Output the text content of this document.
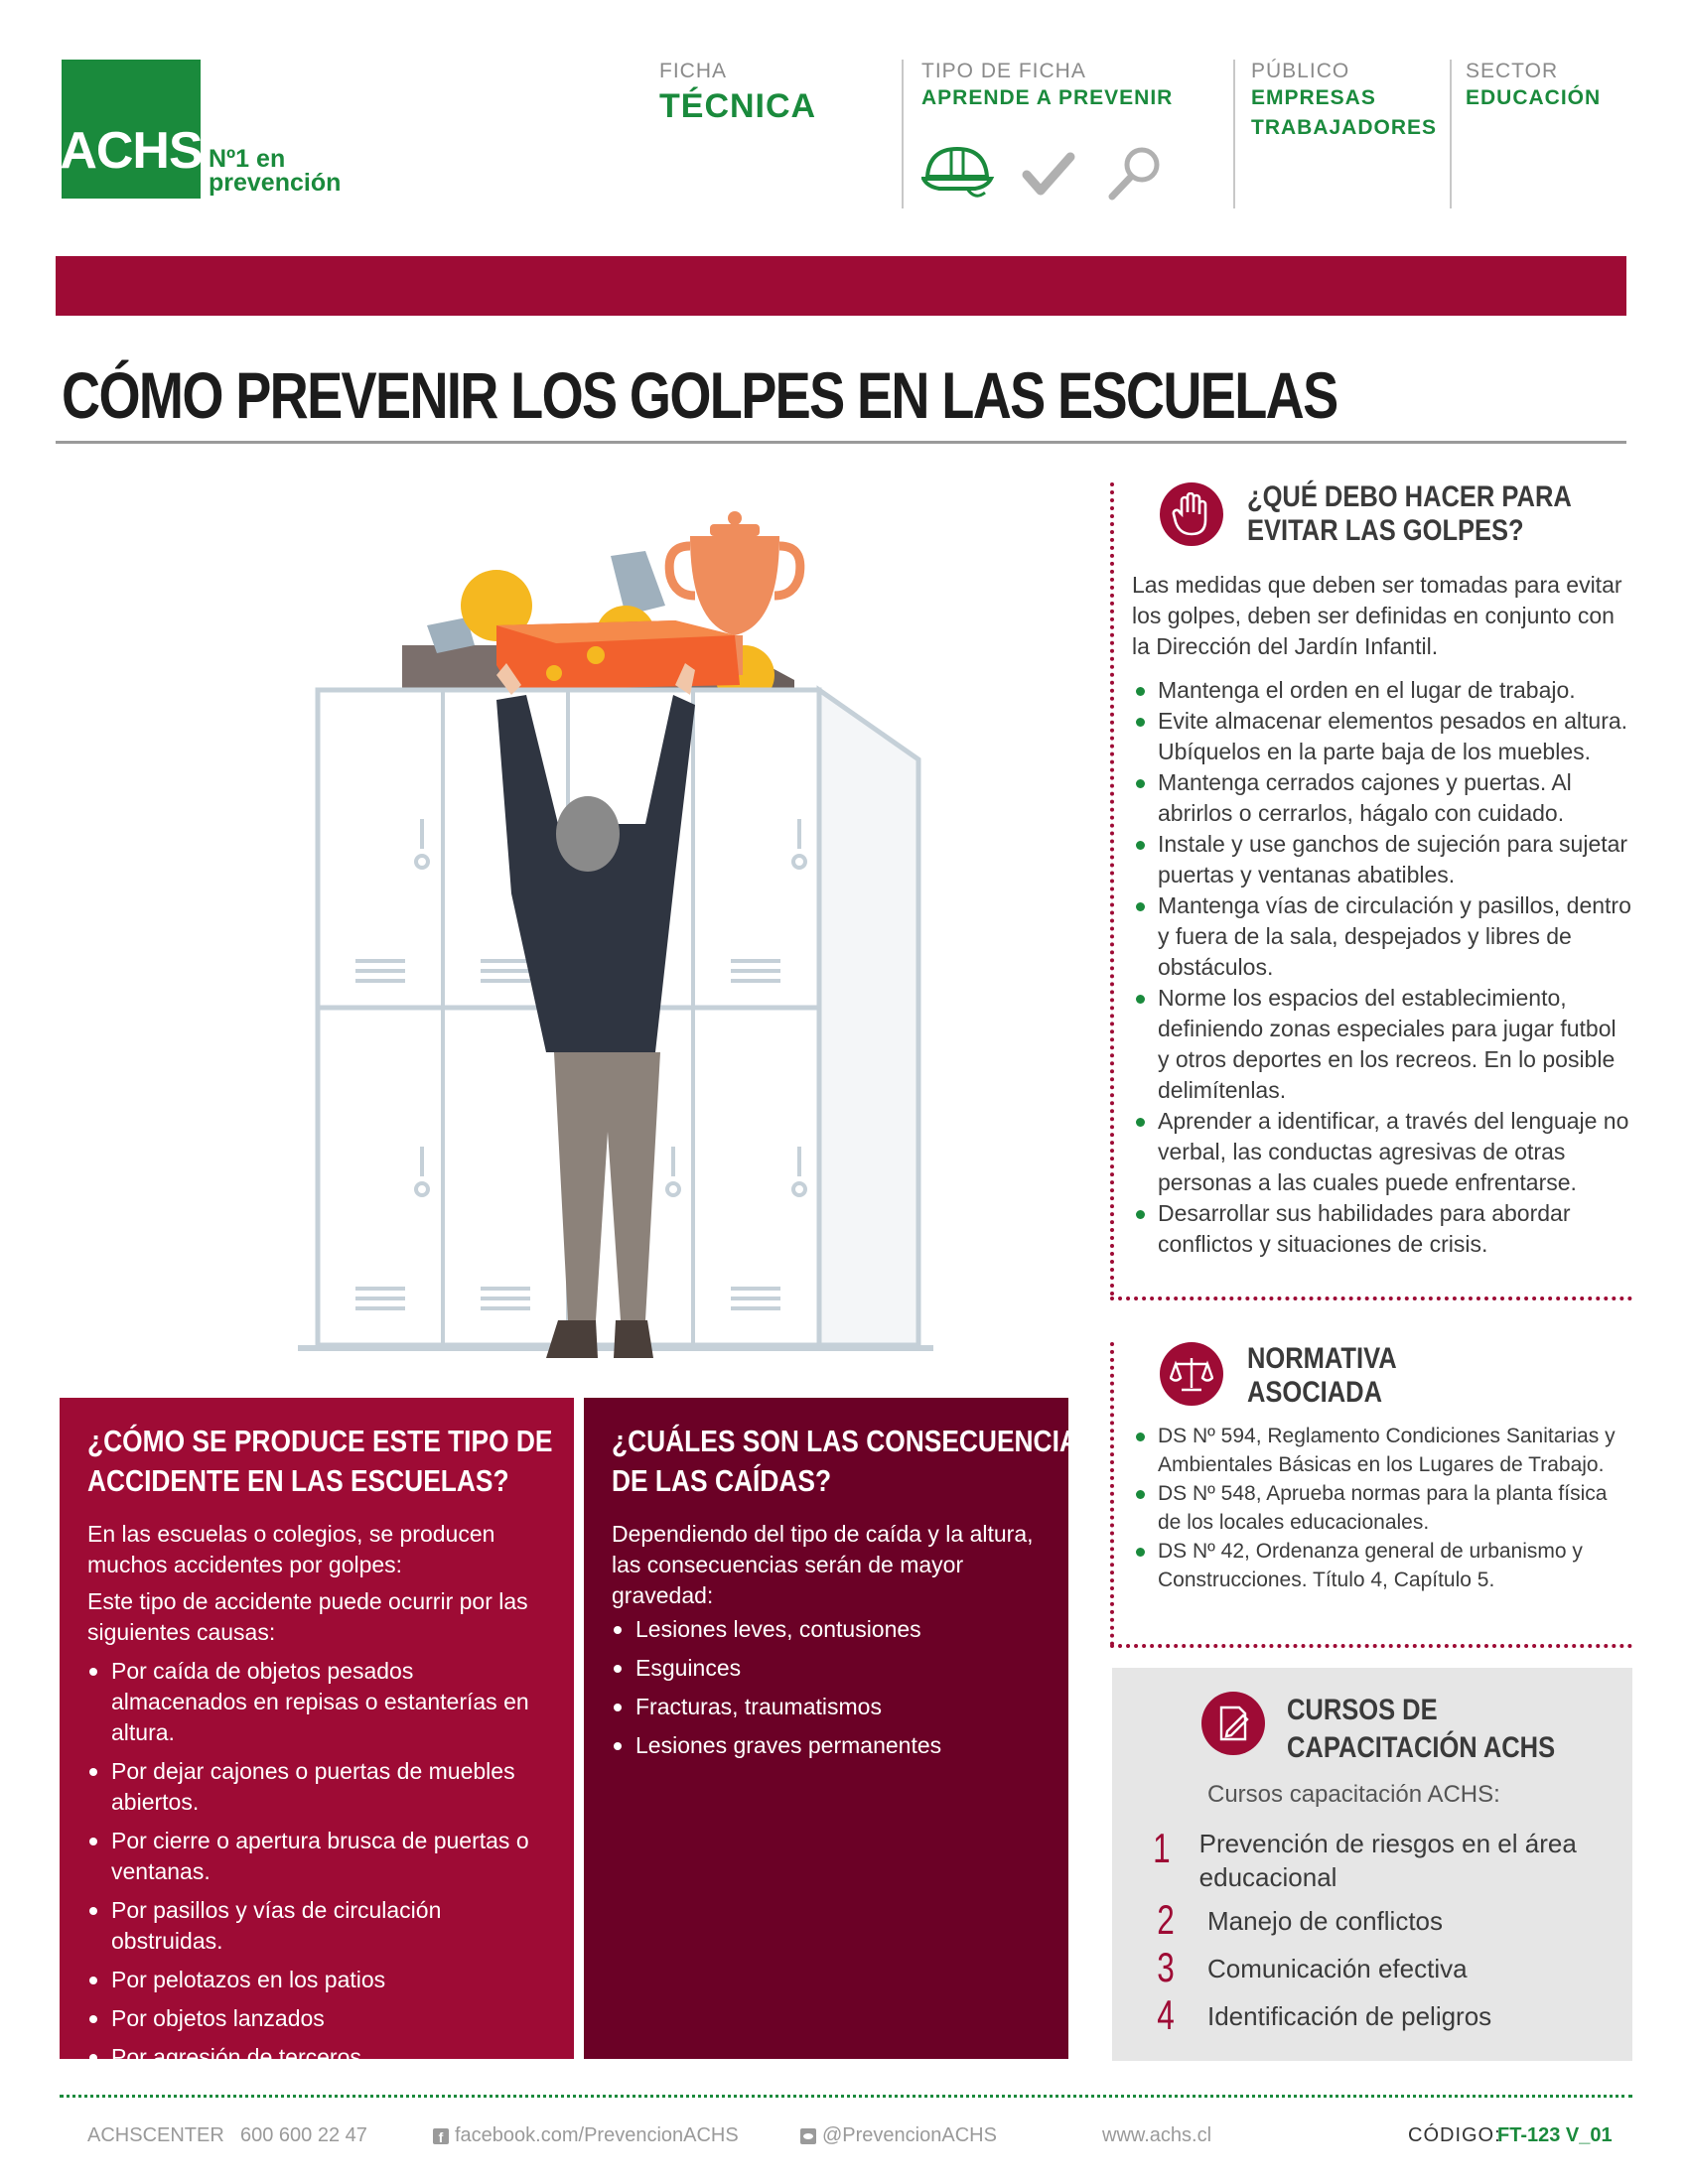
ACHS Nº1 en
prevención
FICHA
TÉCNICA
TIPO DE FICHA
APRENDE A PREVENIR
PÚBLICO
EMPRESAS
TRABAJADORES
SECTOR
EDUCACIÓN
CÓMO PREVENIR LOS GOLPES EN LAS ESCUELAS
¿QUÉ DEBO HACER PARA
EVITAR LAS GOLPES?
Las medidas que deben ser tomadas para evitar los golpes, deben ser definidas en conjunto con la Dirección del Jardín Infantil.
Mantenga el orden en el lugar de trabajo.
Evite almacenar elementos pesados en altura. Ubíquelos en la parte baja de los muebles.
Mantenga cerrados cajones y puertas. Al abrirlos o cerrarlos, hágalo con cuidado.
Instale y use ganchos de sujeción para sujetar puertas y ventanas abatibles.
Mantenga vías de circulación y pasillos, dentro y fuera de la sala, despejados y libres de obstáculos.
Norme los espacios del establecimiento, definiendo zonas especiales para jugar futbol y otros deportes en los recreos. En lo posible delimítenlas.
Aprender a identificar, a través del lenguaje no verbal, las conductas agresivas de otras personas a las cuales puede enfrentarse.
Desarrollar sus habilidades para abordar conflictos y situaciones de crisis.
NORMATIVA
ASOCIADA
DS Nº 594, Reglamento Condiciones Sanitarias y Ambientales Básicas en los Lugares de Trabajo.
DS Nº 548, Aprueba normas para la planta física de los locales educacionales.
DS Nº 42, Ordenanza general de urbanismo y Construcciones. Título 4, Capítulo 5.
CURSOS DE
CAPACITACIÓN ACHS
Cursos capacitación ACHS:
1 Prevención de riesgos en el área educacional
2 Manejo de conflictos
3 Comunicación efectiva
4 Identificación de peligros
¿CÓMO SE PRODUCE ESTE TIPO DE
ACCIDENTE EN LAS ESCUELAS?
En las escuelas o colegios, se producen muchos accidentes por golpes:
Este tipo de accidente puede ocurrir por las siguientes causas:
Por caída de objetos pesados almacenados en repisas o estanterías en altura.
Por dejar cajones o puertas de muebles abiertos.
Por cierre o apertura brusca de puertas o ventanas.
Por pasillos y vías de circulación obstruidas.
Por pelotazos en los patios
Por objetos lanzados
Por agresión de terceros.
¿CUÁLES SON LAS CONSECUENCIAS
DE LAS CAÍDAS?
Dependiendo del tipo de caída y la altura, las consecuencias serán de mayor gravedad:
Lesiones leves, contusiones
Esguinces
Fracturas, traumatismos
Lesiones graves permanentes
ACHSCENTER 600 600 22 47	f facebook.com/PrevencionACHS	@PrevencionACHS	www.achs.cl	CÓDIGO:
FT-123 V_01
